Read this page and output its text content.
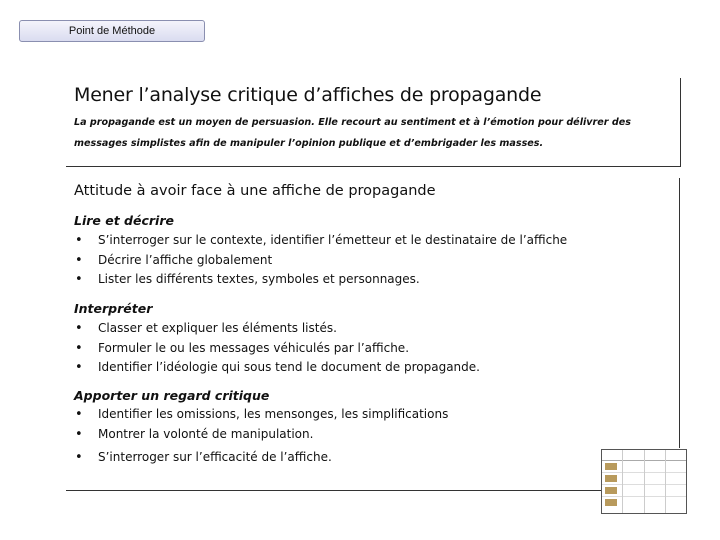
Point de Méthode
Mener l’analyse critique d’affiches de propagande

La propagande est un moyen de persuasion. Elle recourt au sentiment et à l’émotion pour délivrer des messages simplistes afin de manipuler l’opinion publique et d’embrigader les masses.

Attitude à avoir face à une affiche de propagande
Lire et décrire
• S’interroger sur le contexte, identifier l’émetteur et le destinataire de l’affiche
• Décrire l’affiche globalement
• Lister les différents textes, symboles et personnages.
Interpréter
• Classer et expliquer les éléments listés.
• Formuler le ou les messages véhiculés par l’affiche.
• Identifier l’idéologie qui sous tend le document de propagande.
Apporter un regard critique
• Identifier les omissions, les mensonges, les simplifications
• Montrer la volonté de manipulation.
• S’interroger sur l’efficacité de l’affiche.
